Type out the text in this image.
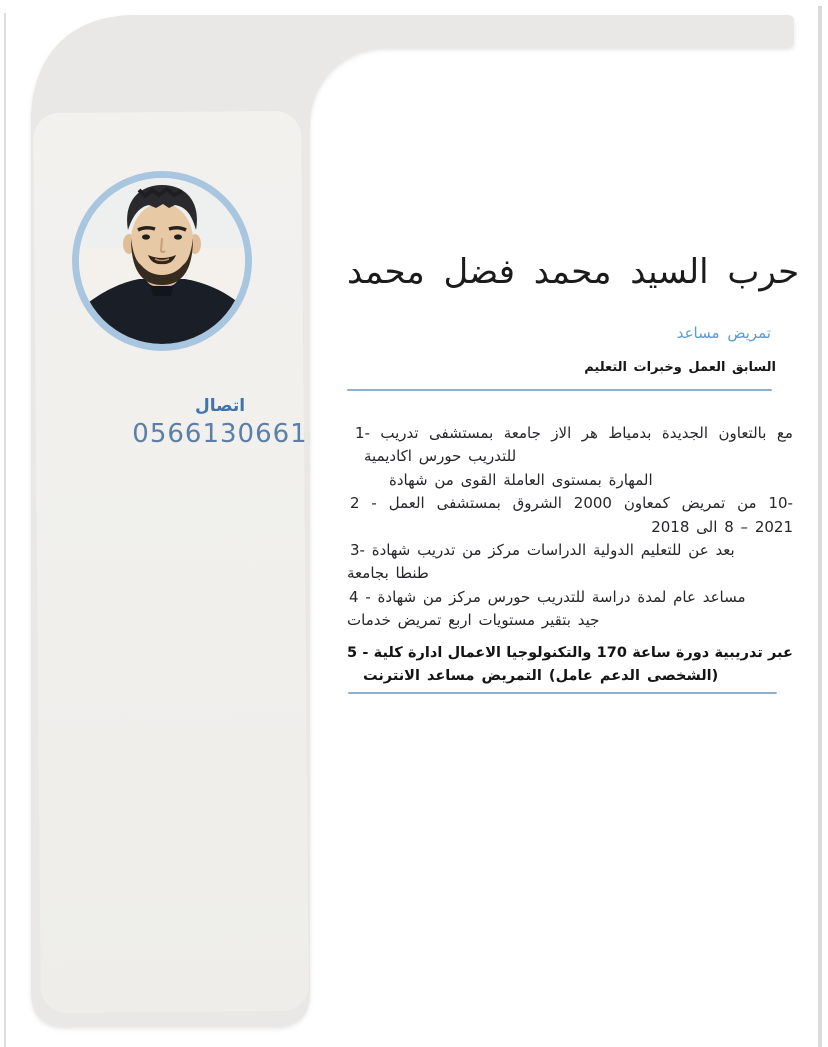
اتصال
0566130661
محمد فضل محمد السيد حرب
مساعد تمريض
التعليم وخبرات العمل السابق
1- تدريب بمستشفى جامعة الاز هر بدمياط الجديدة بالتعاون مع
اكاديمية حورس للتدريب
شهادة من القوى العاملة بمستوى المهارة
2 - العمل بمستشفى الشروق 2000 كمعاون تمريض من 10-
2018 الى 8 – 2021
3- شهادة تدريب من مركز الدراسات الدولية للتعليم عن بعد
بجامعة طنطا
4 - شهادة من مركز حورس للتدريب دراسة لمدة عام مساعد
خدمات تمريض اربع مستويات بتقير جيد
5 - كلية ادارة الاعمال والتكنولوجيا 170 ساعة دورة تدريبية عبر
الانترنت مساعد التمريض (عامل الدعم الشخصى)
